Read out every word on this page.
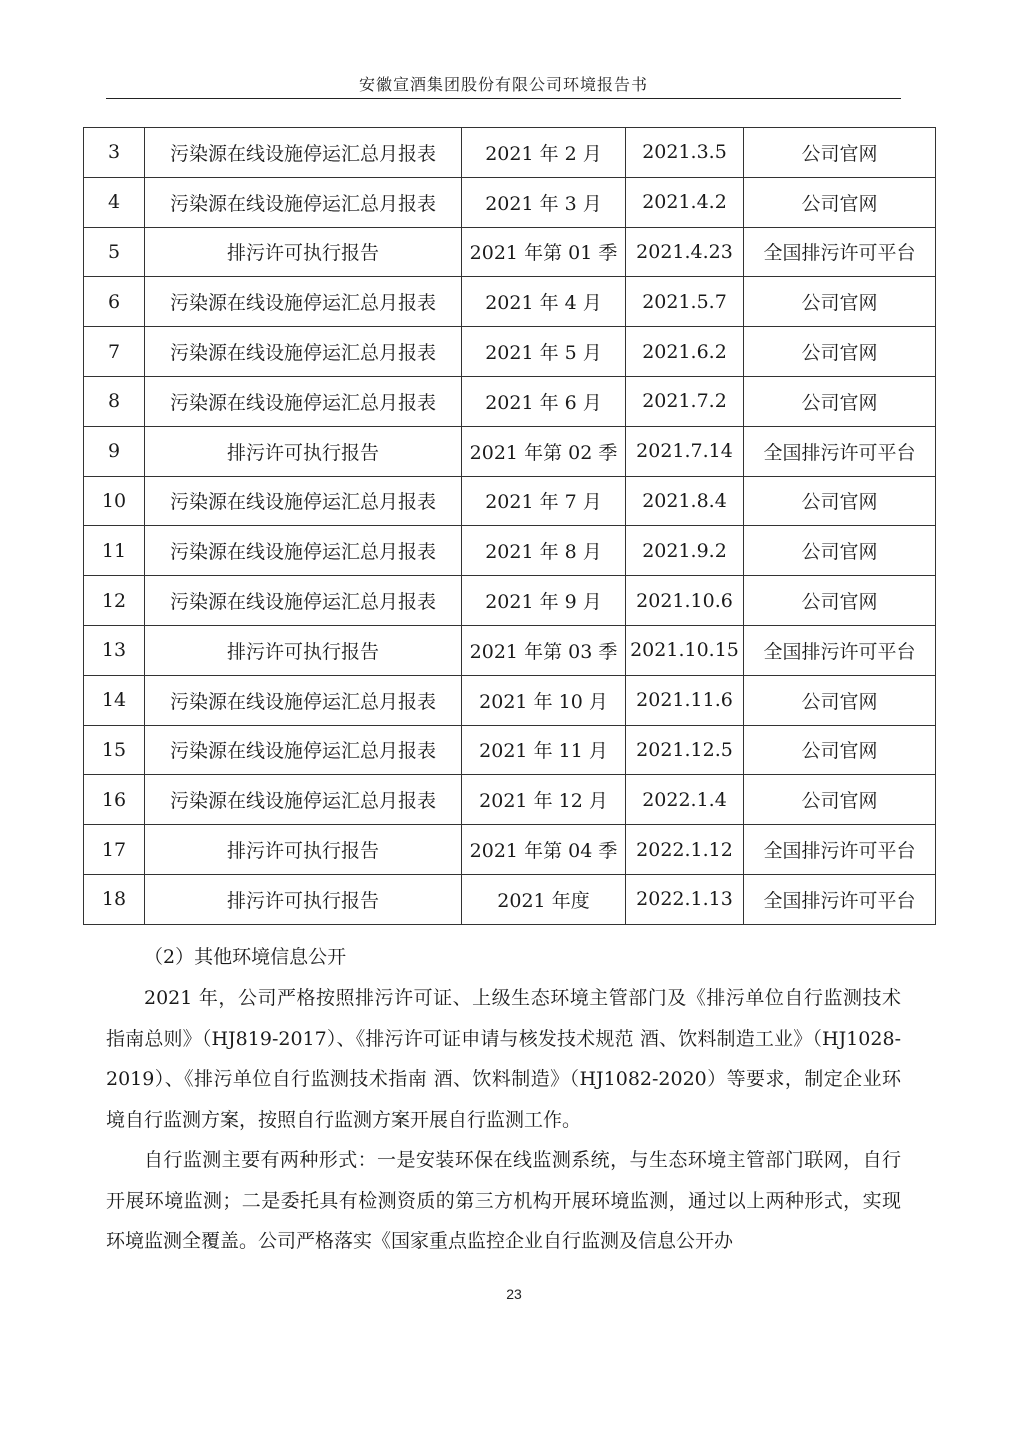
安徽宣酒集团股份有限公司环境报告书
3	污染源在线设施停运汇总月报表	2021 年 2 月	2021.3.5	公司官网
4	污染源在线设施停运汇总月报表	2021 年 3 月	2021.4.2	公司官网
5	排污许可执行报告	2021 年第 01 季	2021.4.23	全国排污许可平台
6	污染源在线设施停运汇总月报表	2021 年 4 月	2021.5.7	公司官网
7	污染源在线设施停运汇总月报表	2021 年 5 月	2021.6.2	公司官网
8	污染源在线设施停运汇总月报表	2021 年 6 月	2021.7.2	公司官网
9	排污许可执行报告	2021 年第 02 季	2021.7.14	全国排污许可平台
10	污染源在线设施停运汇总月报表	2021 年 7 月	2021.8.4	公司官网
11	污染源在线设施停运汇总月报表	2021 年 8 月	2021.9.2	公司官网
12	污染源在线设施停运汇总月报表	2021 年 9 月	2021.10.6	公司官网
13	排污许可执行报告	2021 年第 03 季	2021.10.15	全国排污许可平台
14	污染源在线设施停运汇总月报表	2021 年 10 月	2021.11.6	公司官网
15	污染源在线设施停运汇总月报表	2021 年 11 月	2021.12.5	公司官网
16	污染源在线设施停运汇总月报表	2021 年 12 月	2022.1.4	公司官网
17	排污许可执行报告	2021 年第 04 季	2022.1.12	全国排污许可平台
18	排污许可执行报告	2021 年度	2022.1.13	全国排污许可平台
（2）其他环境信息公开
2021 年，公司严格按照排污许可证、上级生态环境主管部门及《排污单位自行监测技术指南总则》（HJ819-2017）、《排污许可证申请与核发技术规范 酒、饮料制造工业》（HJ1028-2019）、《排污单位自行监测技术指南 酒、饮料制造》（HJ1082-2020）等要求，制定企业环境自行监测方案，按照自行监测方案开展自行监测工作。
自行监测主要有两种形式：一是安装环保在线监测系统，与生态环境主管部门联网，自行开展环境监测；二是委托具有检测资质的第三方机构开展环境监测，通过以上两种形式，实现环境监测全覆盖。公司严格落实《国家重点监控企业自行监测及信息公开办
23
